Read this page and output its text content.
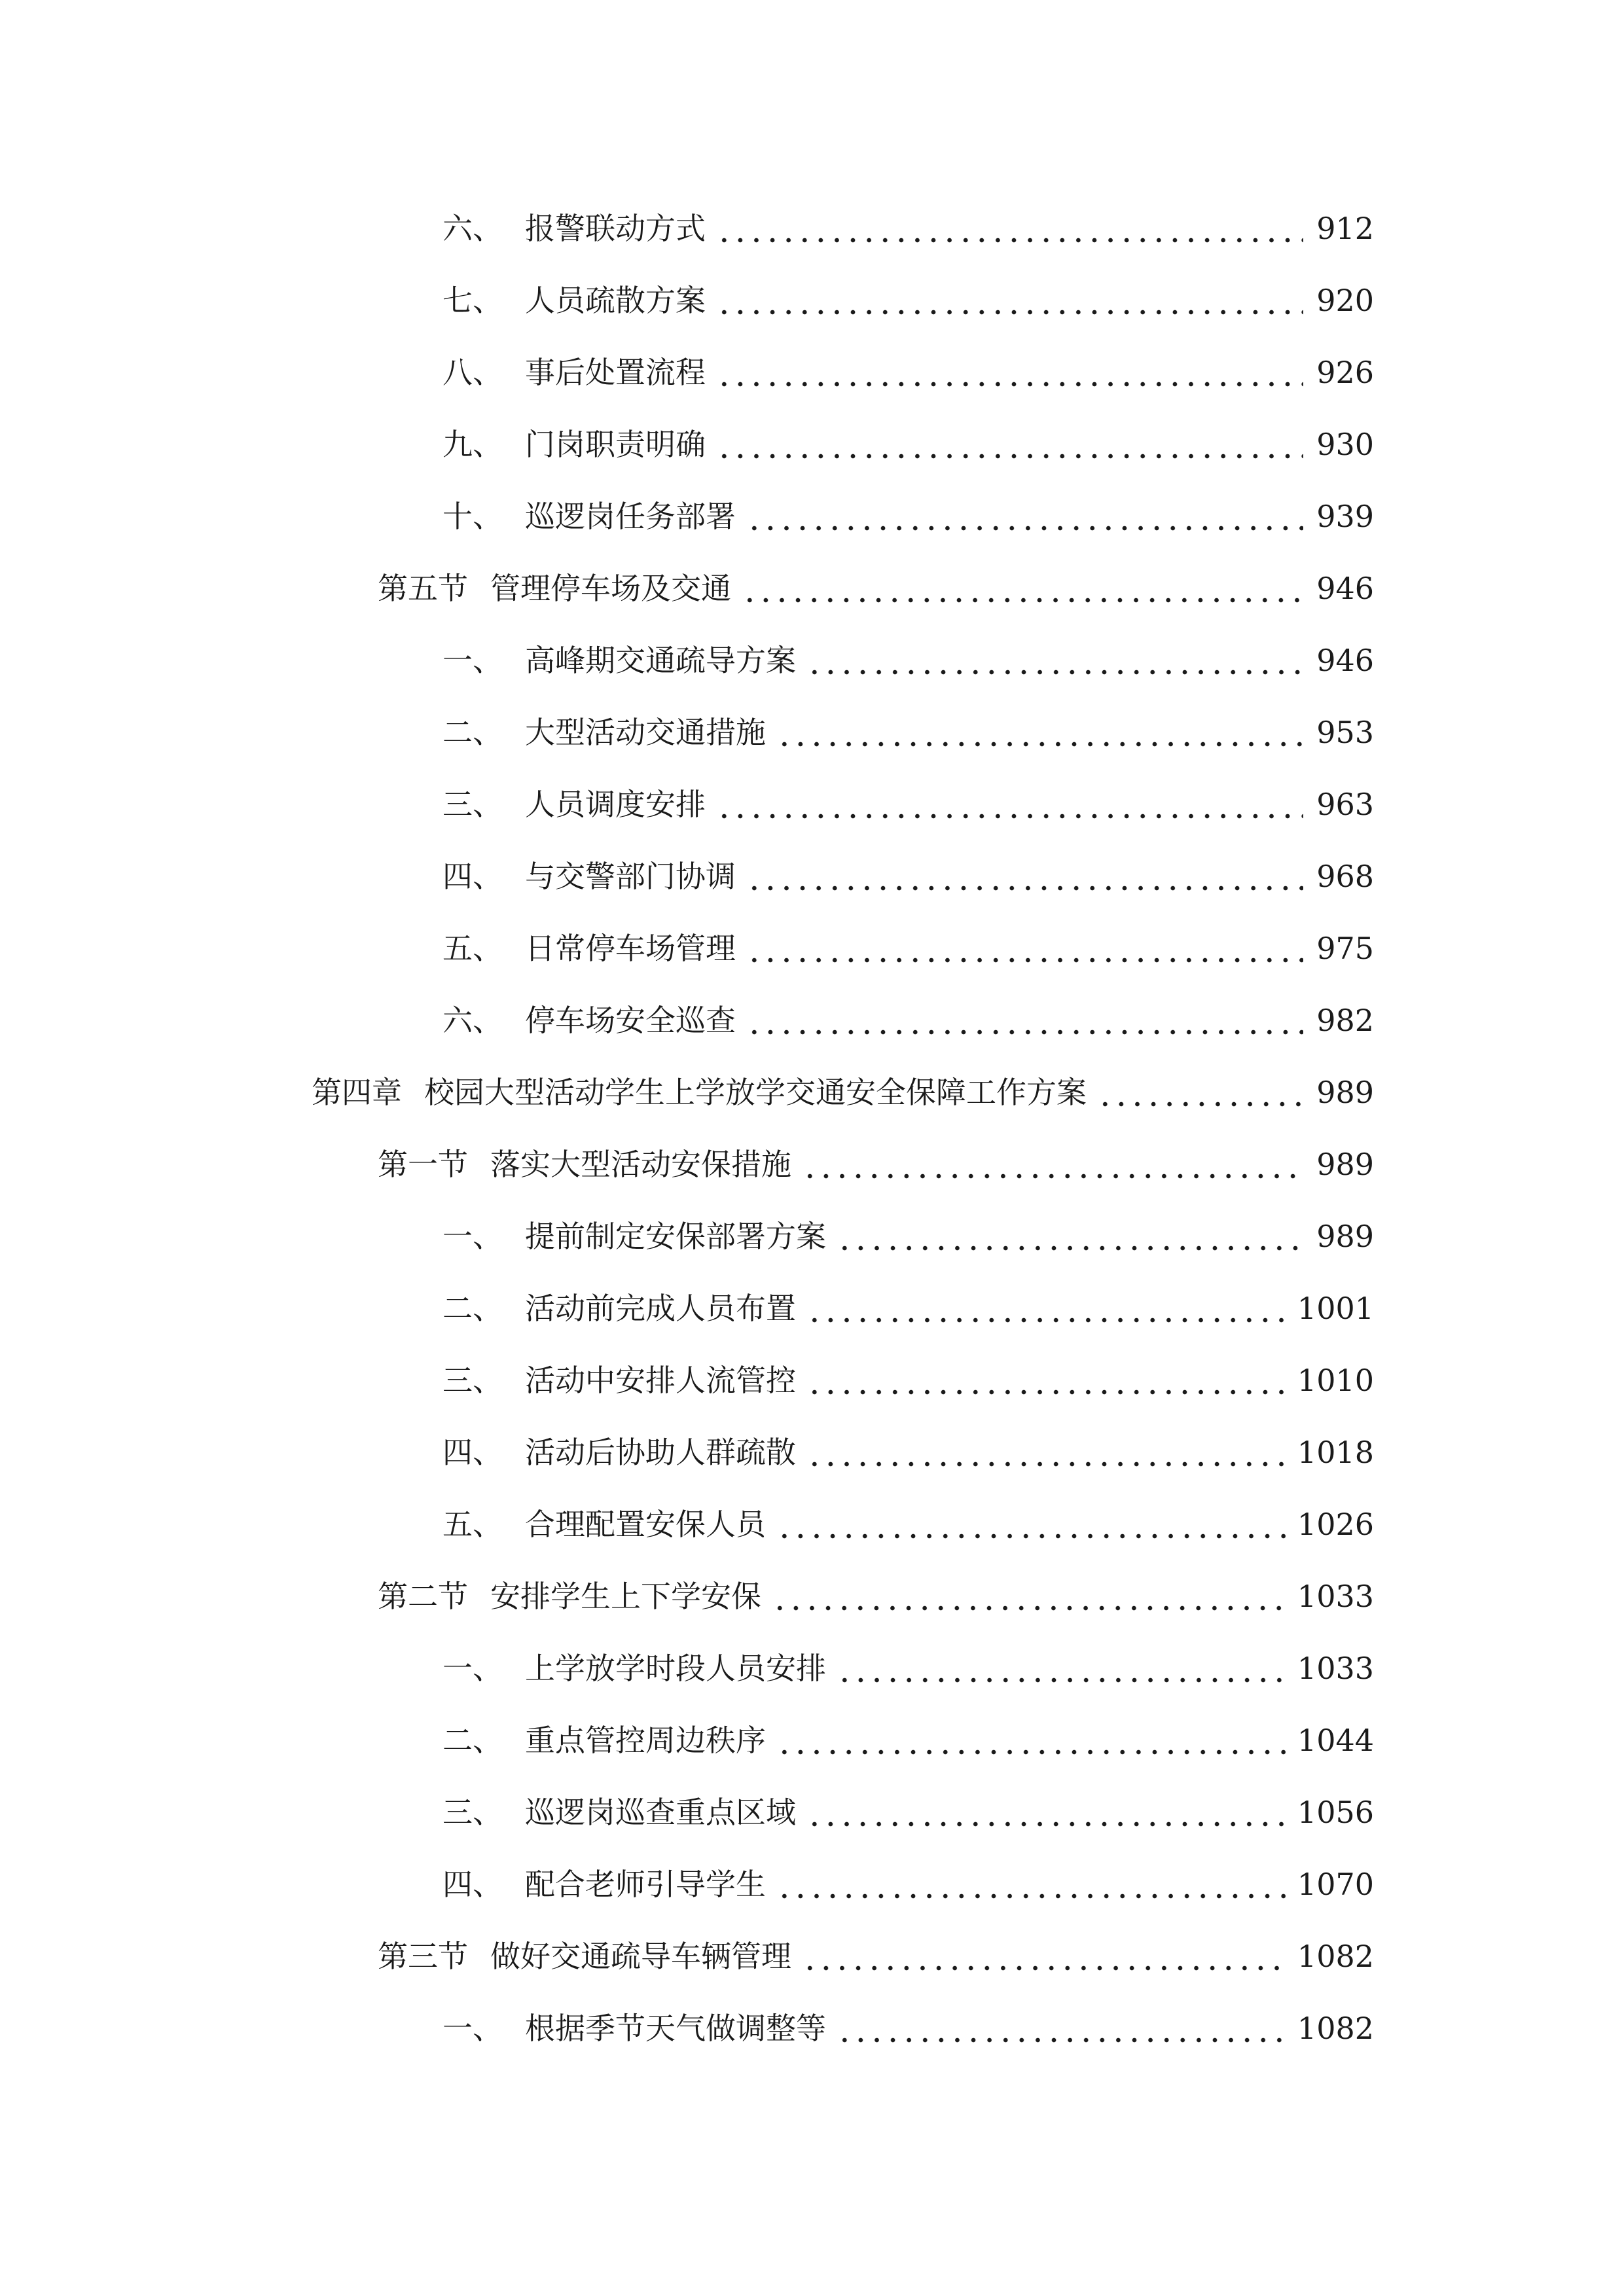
六、 报警联动方式	912
七、 人员疏散方案	920
八、 事后处置流程	926
九、 门岗职责明确	930
十、 巡逻岗任务部署	939
第五节 管理停车场及交通	946
一、 高峰期交通疏导方案	946
二、 大型活动交通措施	953
三、 人员调度安排	963
四、 与交警部门协调	968
五、 日常停车场管理	975
六、 停车场安全巡查	982
第四章 校园大型活动学生上学放学交通安全保障工作方案	989
第一节 落实大型活动安保措施	989
一、 提前制定安保部署方案	989
二、 活动前完成人员布置	1001
三、 活动中安排人流管控	1010
四、 活动后协助人群疏散	1018
五、 合理配置安保人员	1026
第二节 安排学生上下学安保	1033
一、 上学放学时段人员安排	1033
二、 重点管控周边秩序	1044
三、 巡逻岗巡查重点区域	1056
四、 配合老师引导学生	1070
第三节 做好交通疏导车辆管理	1082
一、 根据季节天气做调整等	1082
